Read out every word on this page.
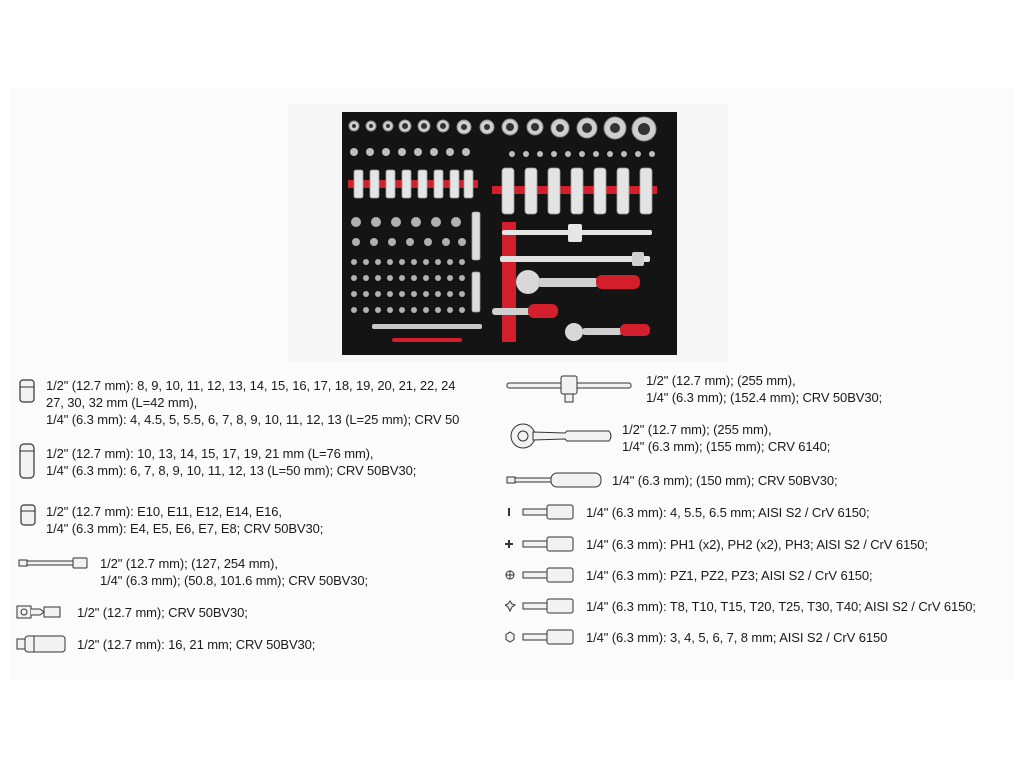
1/2" (12.7 mm): 8, 9, 10, 11, 12, 13, 14, 15, 16, 17, 18, 19, 20, 21, 22, 24
27, 30, 32 mm (L=42 mm),
1/4" (6.3 mm): 4, 4.5, 5, 5.5, 6, 7, 8, 9, 10, 11, 12, 13 (L=25 mm); CRV 50
1/2" (12.7 mm): 10, 13, 14, 15, 17, 19, 21 mm (L=76 mm),
1/4" (6.3 mm): 6, 7, 8, 9, 10, 11, 12, 13 (L=50 mm); CRV 50BV30;
1/2" (12.7 mm): E10, E11, E12, E14, E16,
1/4" (6.3 mm): E4, E5, E6, E7, E8; CRV 50BV30;
1/2" (12.7 mm); (127, 254 mm),
1/4" (6.3 mm); (50.8, 101.6 mm); CRV 50BV30;
1/2" (12.7 mm); CRV 50BV30;
1/2" (12.7 mm): 16, 21 mm; CRV 50BV30;
1/2" (12.7 mm); (255 mm),
1/4" (6.3 mm); (152.4 mm); CRV 50BV30;
1/2" (12.7 mm); (255 mm),
1/4" (6.3 mm); (155 mm); CRV 6140;
1/4" (6.3 mm); (150 mm); CRV 50BV30;
1/4" (6.3 mm): 4, 5.5, 6.5 mm; AISI S2 / CrV 6150;
1/4" (6.3 mm): PH1 (x2), PH2 (x2), PH3; AISI S2 / CrV 6150;
1/4" (6.3 mm): PZ1, PZ2, PZ3; AISI S2 / CrV 6150;
1/4" (6.3 mm): T8, T10, T15, T20, T25, T30, T40; AISI S2 / CrV 6150;
1/4" (6.3 mm): 3, 4, 5, 6, 7, 8 mm; AISI S2 / CrV 6150
